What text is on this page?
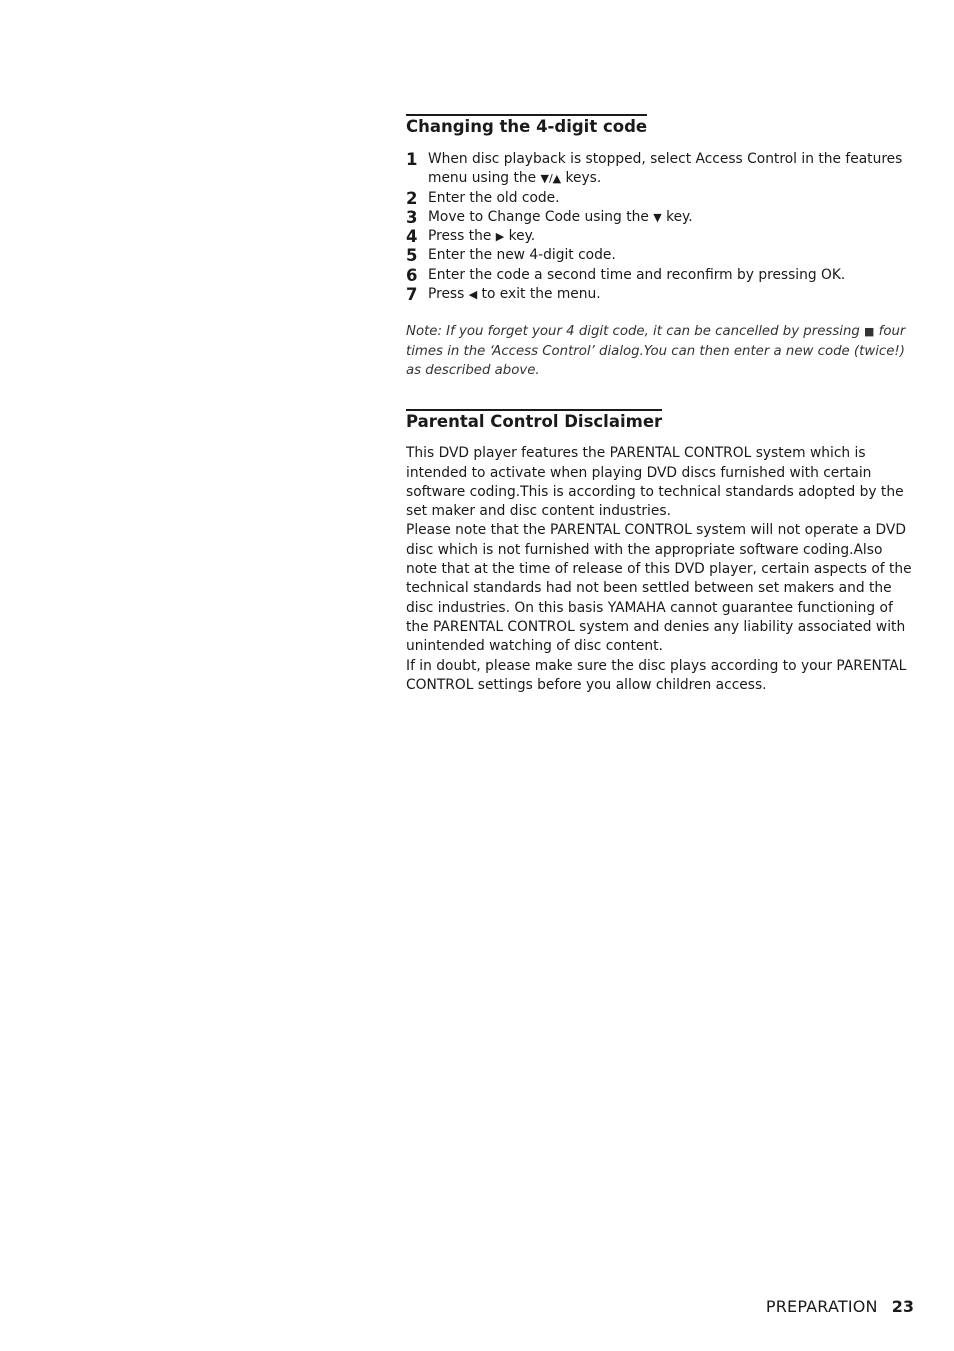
Changing the 4-digit code
1 When disc playback is stopped, select Access Control in the features menu using the ▼/▲ keys.
2 Enter the old code.
3 Move to Change Code using the ▼ key.
4 Press the ▶ key.
5 Enter the new 4-digit code.
6 Enter the code a second time and reconfirm by pressing OK.
7 Press ◀ to exit the menu.
Note: If you forget your 4 digit code, it can be cancelled by pressing ■ four times in the ‘Access Control’ dialog.You can then enter a new code (twice!) as described above.
Parental Control Disclaimer

This DVD player features the PARENTAL CONTROL system which is intended to activate when playing DVD discs furnished with certain software coding.This is according to technical standards adopted by the set maker and disc content industries.

Please note that the PARENTAL CONTROL system will not operate a DVD disc which is not furnished with the appropriate software coding.Also note that at the time of release of this DVD player, certain aspects of the technical standards had not been settled between set makers and the disc industries. On this basis YAMAHA cannot guarantee functioning of the PARENTAL CONTROL system and denies any liability associated with unintended watching of disc content.

If in doubt, please make sure the disc plays according to your PARENTAL CONTROL settings before you allow children access.

PREPARATION 23
